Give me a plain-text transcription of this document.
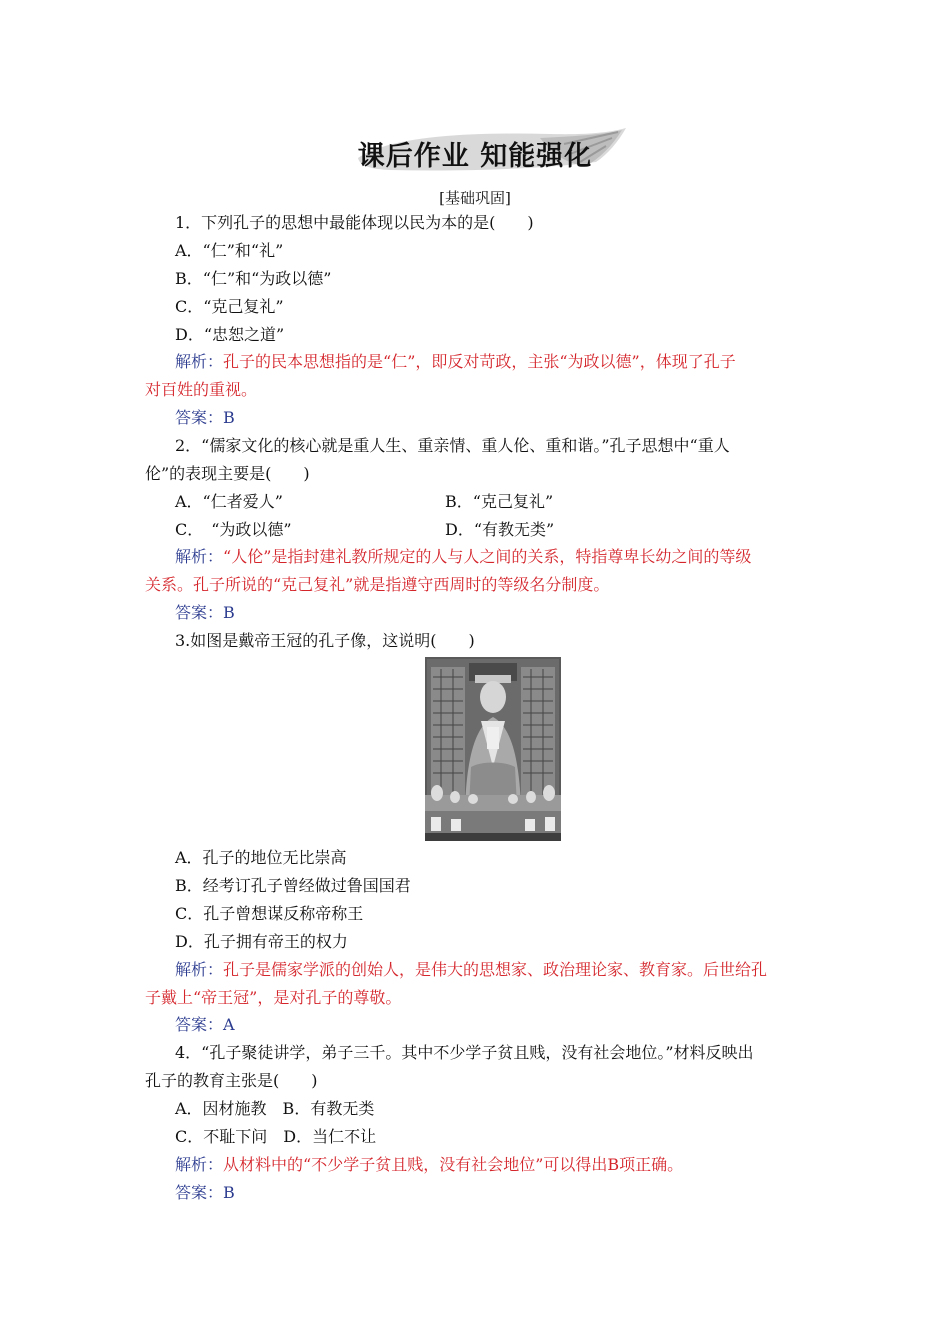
课后作业 知能强化
[基础巩固]
1．下列孔子的思想中最能体现以民为本的是(　　)
A．“仁”和“礼”
B．“仁”和“为政以德”
C．“克己复礼”
D．“忠恕之道”
解析：孔子的民本思想指的是“仁”，即反对苛政，主张“为政以德”，体现了孔子
对百姓的重视。
答案：B
2．“儒家文化的核心就是重人生、重亲情、重人伦、重和谐。”孔子思想中“重人
伦”的表现主要是(　　)
A．“仁者爱人”	B．“克己复礼”
C．　“为政以德”	D．“有教无类”
解析：“人伦”是指封建礼教所规定的人与人之间的关系，特指尊卑长幼之间的等级
关系。孔子所说的“克己复礼”就是指遵守西周时的等级名分制度。
答案：B
3.如图是戴帝王冠的孔子像，这说明(　　)
A．孔子的地位无比崇高
B．经考订孔子曾经做过鲁国国君
C．孔子曾想谋反称帝称王
D．孔子拥有帝王的权力
解析：孔子是儒家学派的创始人，是伟大的思想家、政治理论家、教育家。后世给孔
子戴上“帝王冠”，是对孔子的尊敬。
答案：A
4．“孔子聚徒讲学，弟子三千。其中不少学子贫且贱，没有社会地位。”材料反映出
孔子的教育主张是(　　)
A．因材施教　B．有教无类
C．不耻下问　D．当仁不让
解析：从材料中的“不少学子贫且贱，没有社会地位”可以得出B项正确。
答案：B
